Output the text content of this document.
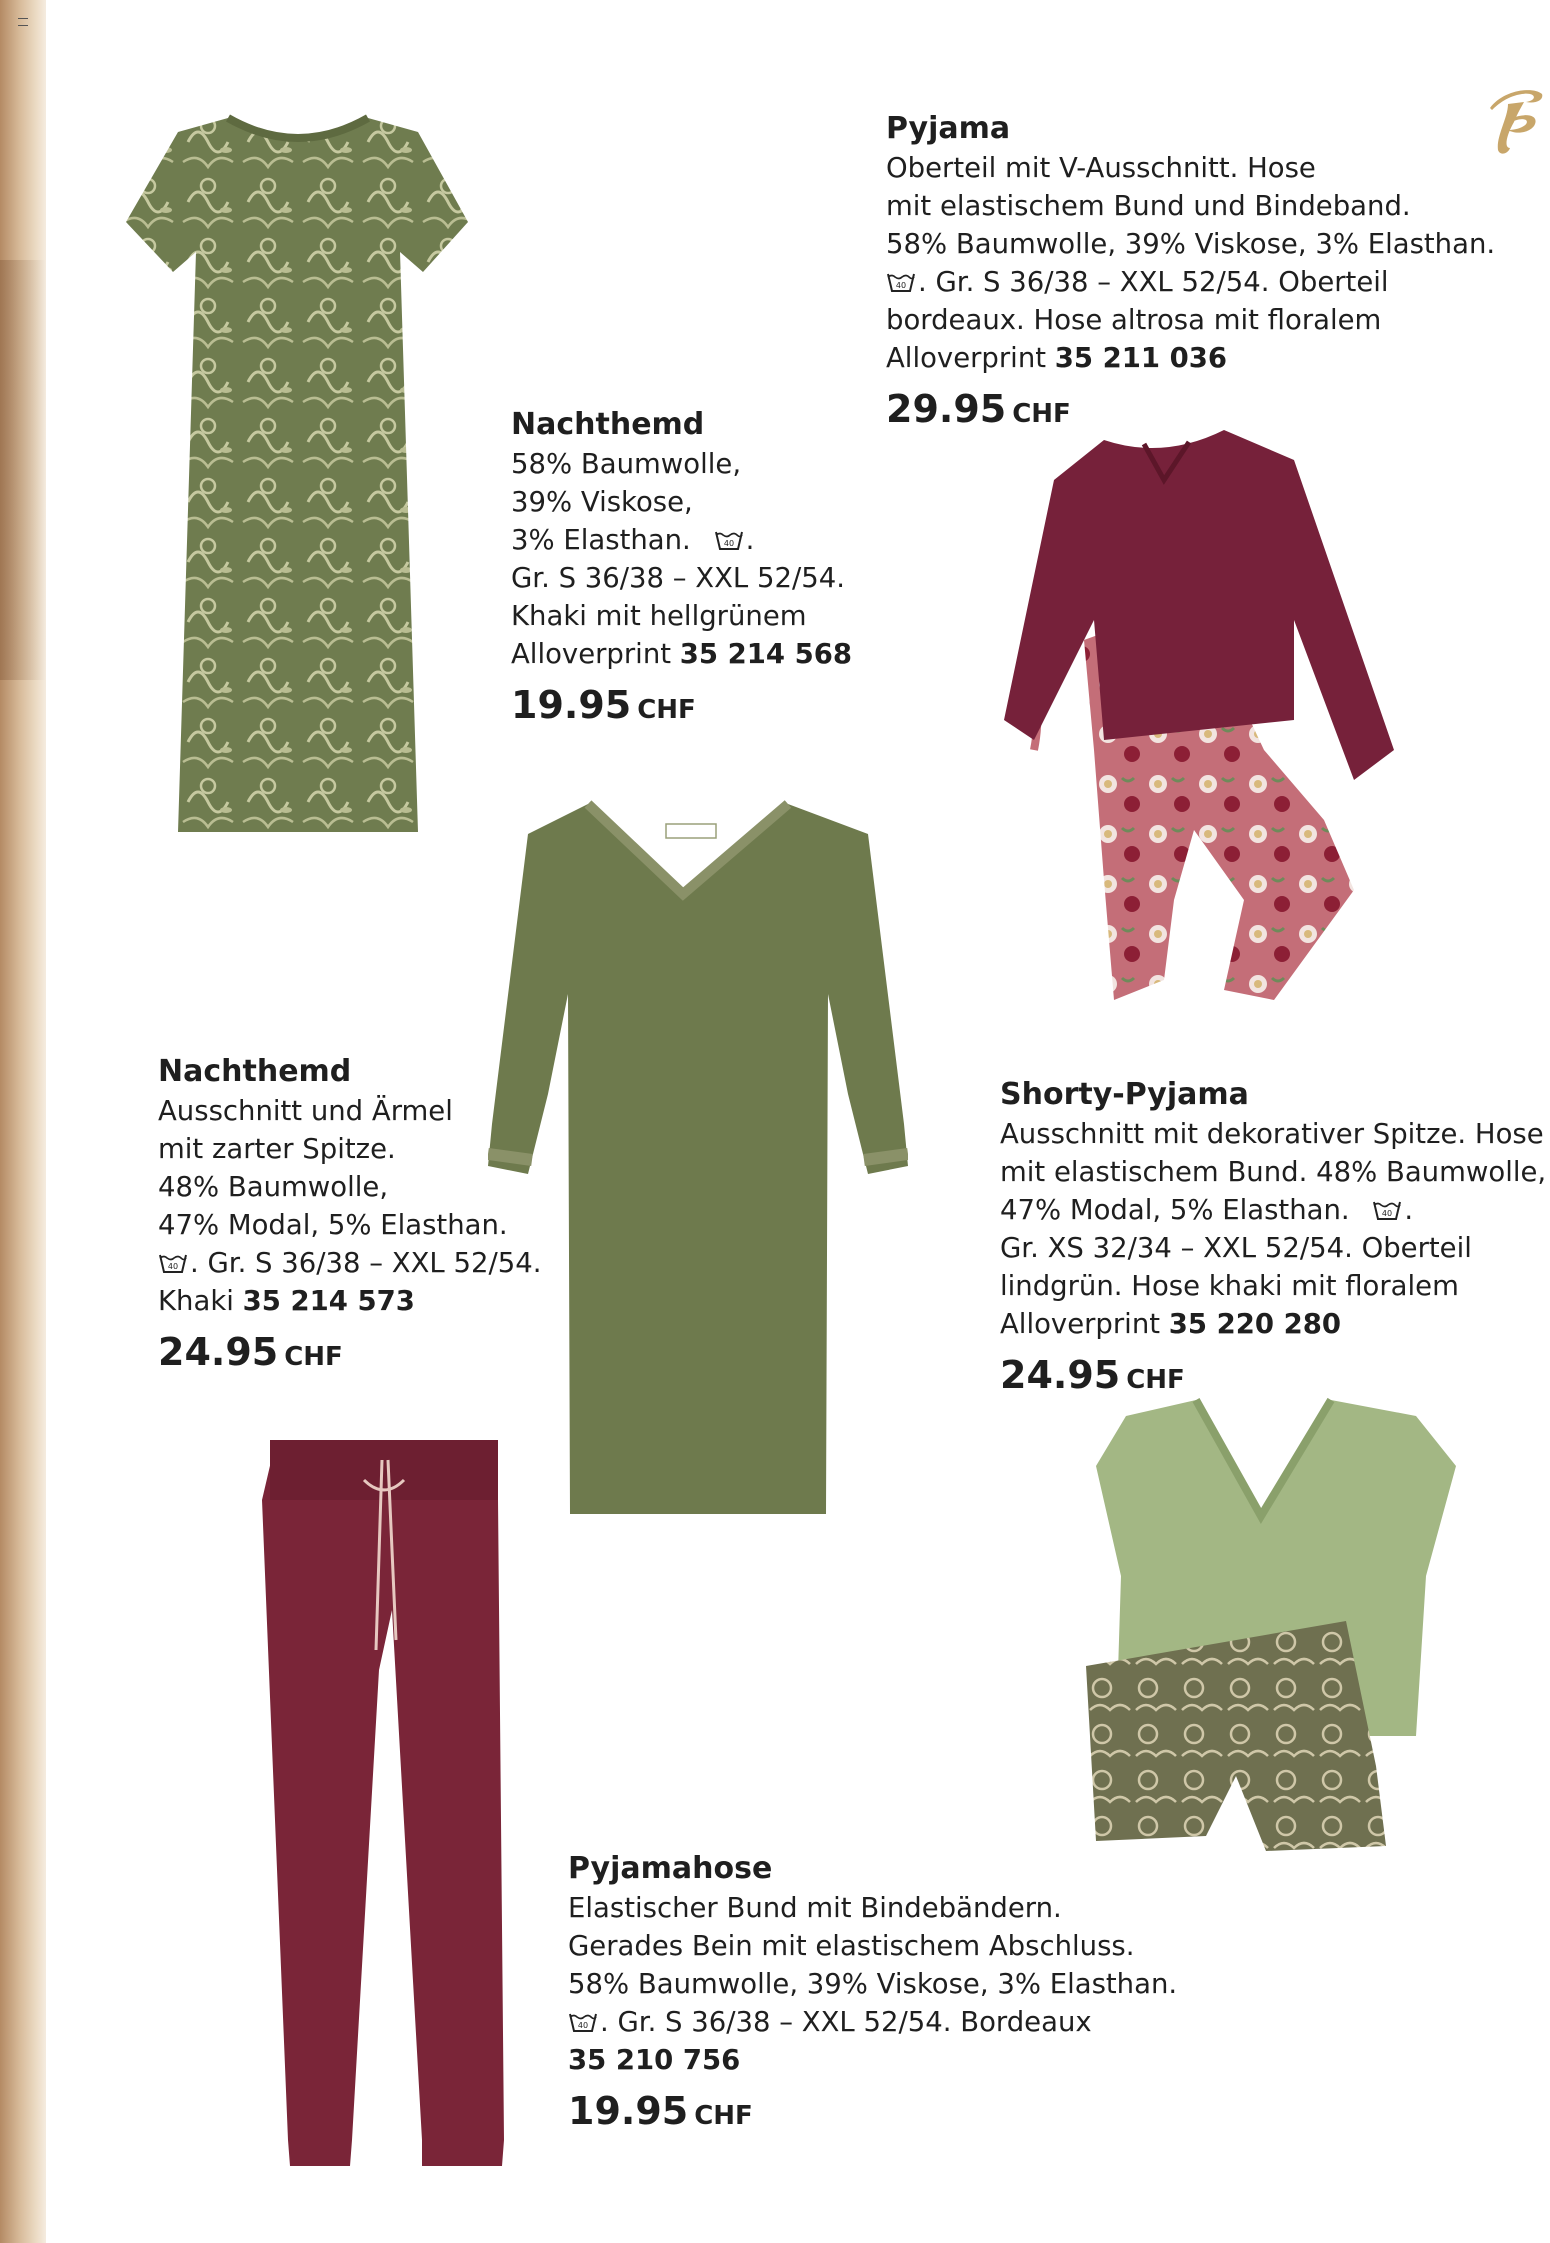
Nachthemd
58% Baumwolle,
39% Viskose,
3% Elasthan.	40 .
Gr. S 36/38 – XXL 52/54.
Khaki mit hellgrünem
Alloverprint 35 214 568
19.95 CHF
Pyjama
Oberteil mit V-Ausschnitt. Hose
mit elastischem Bund und Bindeband.
58% Baumwolle, 39% Viskose, 3% Elasthan.
40 . Gr. S 36/38 – XXL 52/54. Oberteil
bordeaux. Hose altrosa mit floralem
Alloverprint 35 211 036
29.95 CHF
Nachthemd
Ausschnitt und Ärmel
mit zarter Spitze.
48% Baumwolle,
47% Modal, 5% Elasthan.
40 . Gr. S 36/38 – XXL 52/54.
Khaki 35 214 573
24.95 CHF
Shorty-Pyjama
Ausschnitt mit dekorativer Spitze. Hose
mit elastischem Bund. 48% Baumwolle,
47% Modal, 5% Elasthan.	40 .
Gr. XS 32/34 – XXL 52/54. Oberteil
lindgrün. Hose khaki mit floralem
Alloverprint 35 220 280
24.95 CHF
Pyjamahose
Elastischer Bund mit Bindebändern.
Gerades Bein mit elastischem Abschluss.
58% Baumwolle, 39% Viskose, 3% Elasthan.
40 . Gr. S 36/38 – XXL 52/54. Bordeaux
35 210 756
19.95 CHF
